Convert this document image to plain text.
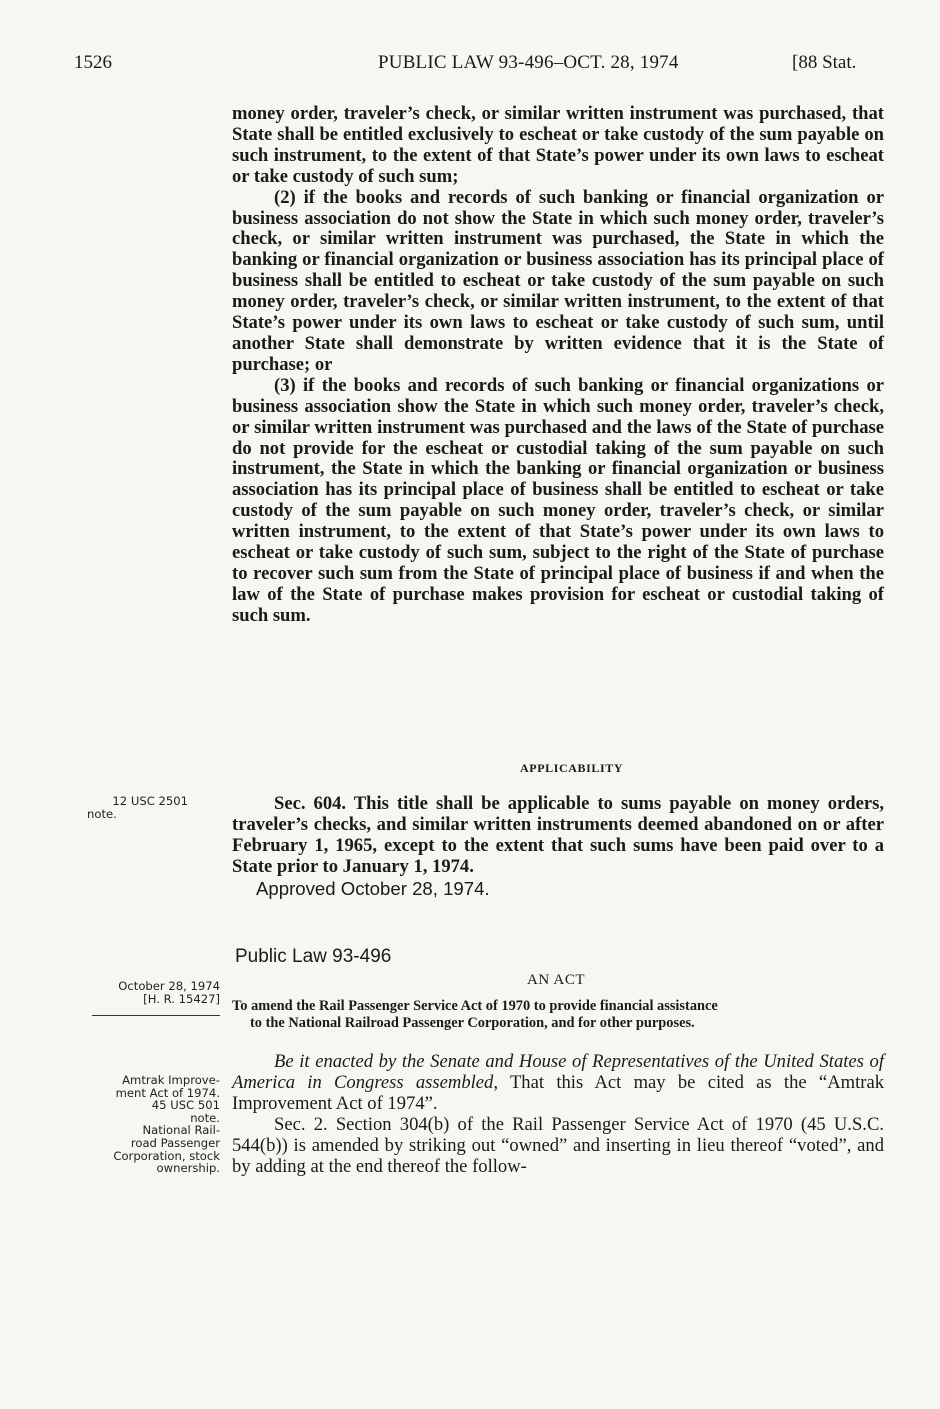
1526	PUBLIC LAW 93-496–OCT. 28, 1974	[88 Stat.

money order, traveler’s check, or similar written instrument was purchased, that State shall be entitled exclusively to escheat or take custody of the sum payable on such instrument, to the extent of that State’s power under its own laws to escheat or take custody of such sum;

(2) if the books and records of such banking or financial organization or business association do not show the State in which such money order, traveler’s check, or similar written instrument was purchased, the State in which the banking or financial organization or business association has its principal place of business shall be entitled to escheat or take custody of the sum payable on such money order, traveler’s check, or similar written instrument, to the extent of that State’s power under its own laws to escheat or take custody of such sum, until another State shall demonstrate by written evidence that it is the State of purchase; or

(3) if the books and records of such banking or financial organizations or business association show the State in which such money order, traveler’s check, or similar written instrument was purchased and the laws of the State of purchase do not provide for the escheat or custodial taking of the sum payable on such instrument, the State in which the banking or financial organization or business association has its principal place of business shall be entitled to escheat or take custody of the sum payable on such money order, traveler’s check, or similar written instrument, to the extent of that State’s power under its own laws to escheat or take custody of such sum, subject to the right of the State of purchase to recover such sum from the State of principal place of business if and when the law of the State of purchase makes provision for escheat or custodial taking of such sum.

APPLICABILITY
12 USC 2501
note.

Sec. 604. This title shall be applicable to sums payable on money orders, traveler’s checks, and similar written instruments deemed abandoned on or after February 1, 1965, except to the extent that such sums have been paid over to a State prior to January 1, 1974.

Approved October 28, 1974.
Public Law 93-496
October 28, 1974
[H. R. 15427]
AN ACT
To amend the Rail Passenger Service Act of 1970 to provide financial assistance
to the National Railroad Passenger Corporation, and for other purposes.

Be it enacted by the Senate and House of Representatives of the United States of America in Congress assembled, That this Act may be cited as the “Amtrak Improvement Act of 1974”.

Sec. 2. Section 304(b) of the Rail Passenger Service Act of 1970 (45 U.S.C. 544(b)) is amended by striking out “owned” and inserting in lieu thereof “voted”, and by adding at the end thereof the follow-

Amtrak Improve-
ment Act of 1974.
45 USC 501
note.
National Rail-
road Passenger
Corporation, stock
ownership.
